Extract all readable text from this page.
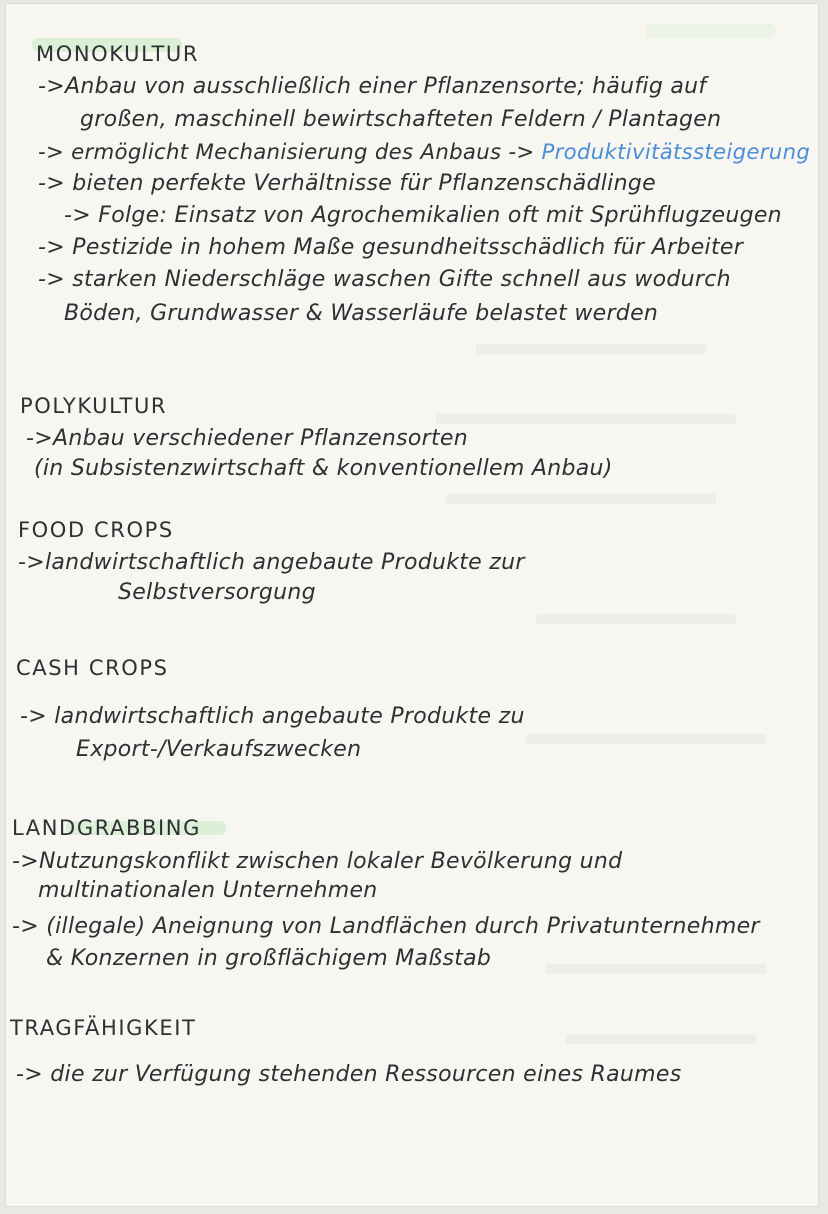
MONOKULTUR
->Anbau von ausschließlich einer Pflanzensorte; häufig auf
großen, maschinell bewirtschafteten Feldern / Plantagen
-> ermöglicht Mechanisierung des Anbaus -> Produktivitätssteigerung
-> bieten perfekte Verhältnisse für Pflanzenschädlinge
-> Folge: Einsatz von Agrochemikalien oft mit Sprühflugzeugen
-> Pestizide in hohem Maße gesundheitsschädlich für Arbeiter
-> starken Niederschläge waschen Gifte schnell aus wodurch
Böden, Grundwasser & Wasserläufe belastet werden
POLYKULTUR
->Anbau verschiedener Pflanzensorten
(in Subsistenzwirtschaft & konventionellem Anbau)
FOOD CROPS
->landwirtschaftlich angebaute Produkte zur
Selbstversorgung
CASH CROPS
-> landwirtschaftlich angebaute Produkte zu
Export-/Verkaufszwecken
LANDGRABBING
->Nutzungskonflikt zwischen lokaler Bevölkerung und
multinationalen Unternehmen
-> (illegale) Aneignung von Landflächen durch Privatunternehmer
& Konzernen in großflächigem Maßstab
TRAGFÄHIGKEIT
-> die zur Verfügung stehenden Ressourcen eines Raumes
